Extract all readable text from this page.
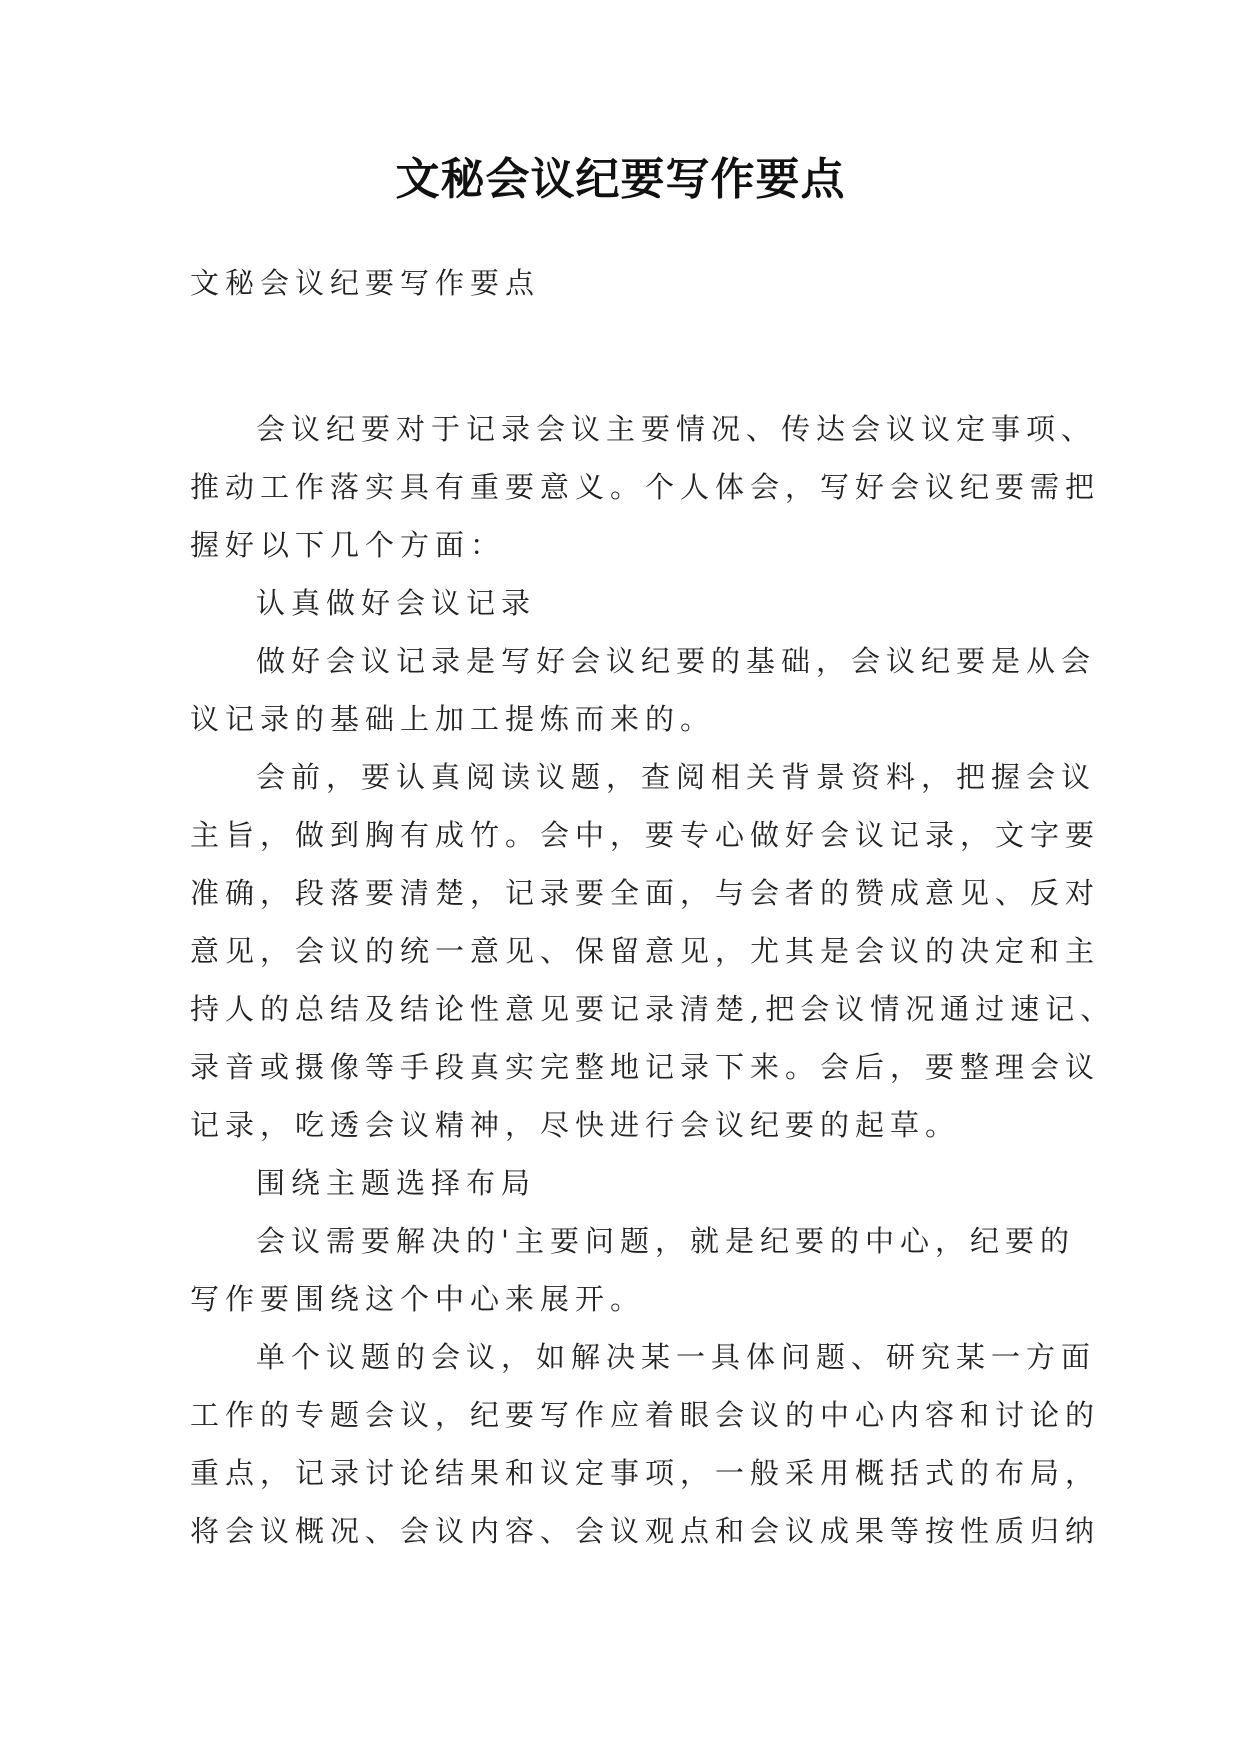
文秘会议纪要写作要点
文秘会议纪要写作要点
会议纪要对于记录会议主要情况、传达会议议定事项、
推动工作落实具有重要意义。个人体会，写好会议纪要需把
握好以下几个方面：
认真做好会议记录
做好会议记录是写好会议纪要的基础，会议纪要是从会
议记录的基础上加工提炼而来的。
会前，要认真阅读议题，查阅相关背景资料，把握会议
主旨，做到胸有成竹。会中，要专心做好会议记录，文字要
准确，段落要清楚，记录要全面，与会者的赞成意见、反对
意见，会议的统一意见、保留意见，尤其是会议的决定和主
持人的总结及结论性意见要记录清楚,把会议情况通过速记、
录音或摄像等手段真实完整地记录下来。会后，要整理会议
记录，吃透会议精神，尽快进行会议纪要的起草。
围绕主题选择布局
会议需要解决的'主要问题，就是纪要的中心，纪要的
写作要围绕这个中心来展开。
单个议题的会议，如解决某一具体问题、研究某一方面
工作的专题会议，纪要写作应着眼会议的中心内容和讨论的
重点，记录讨论结果和议定事项，一般采用概括式的布局，
将会议概况、会议内容、会议观点和会议成果等按性质归纳
